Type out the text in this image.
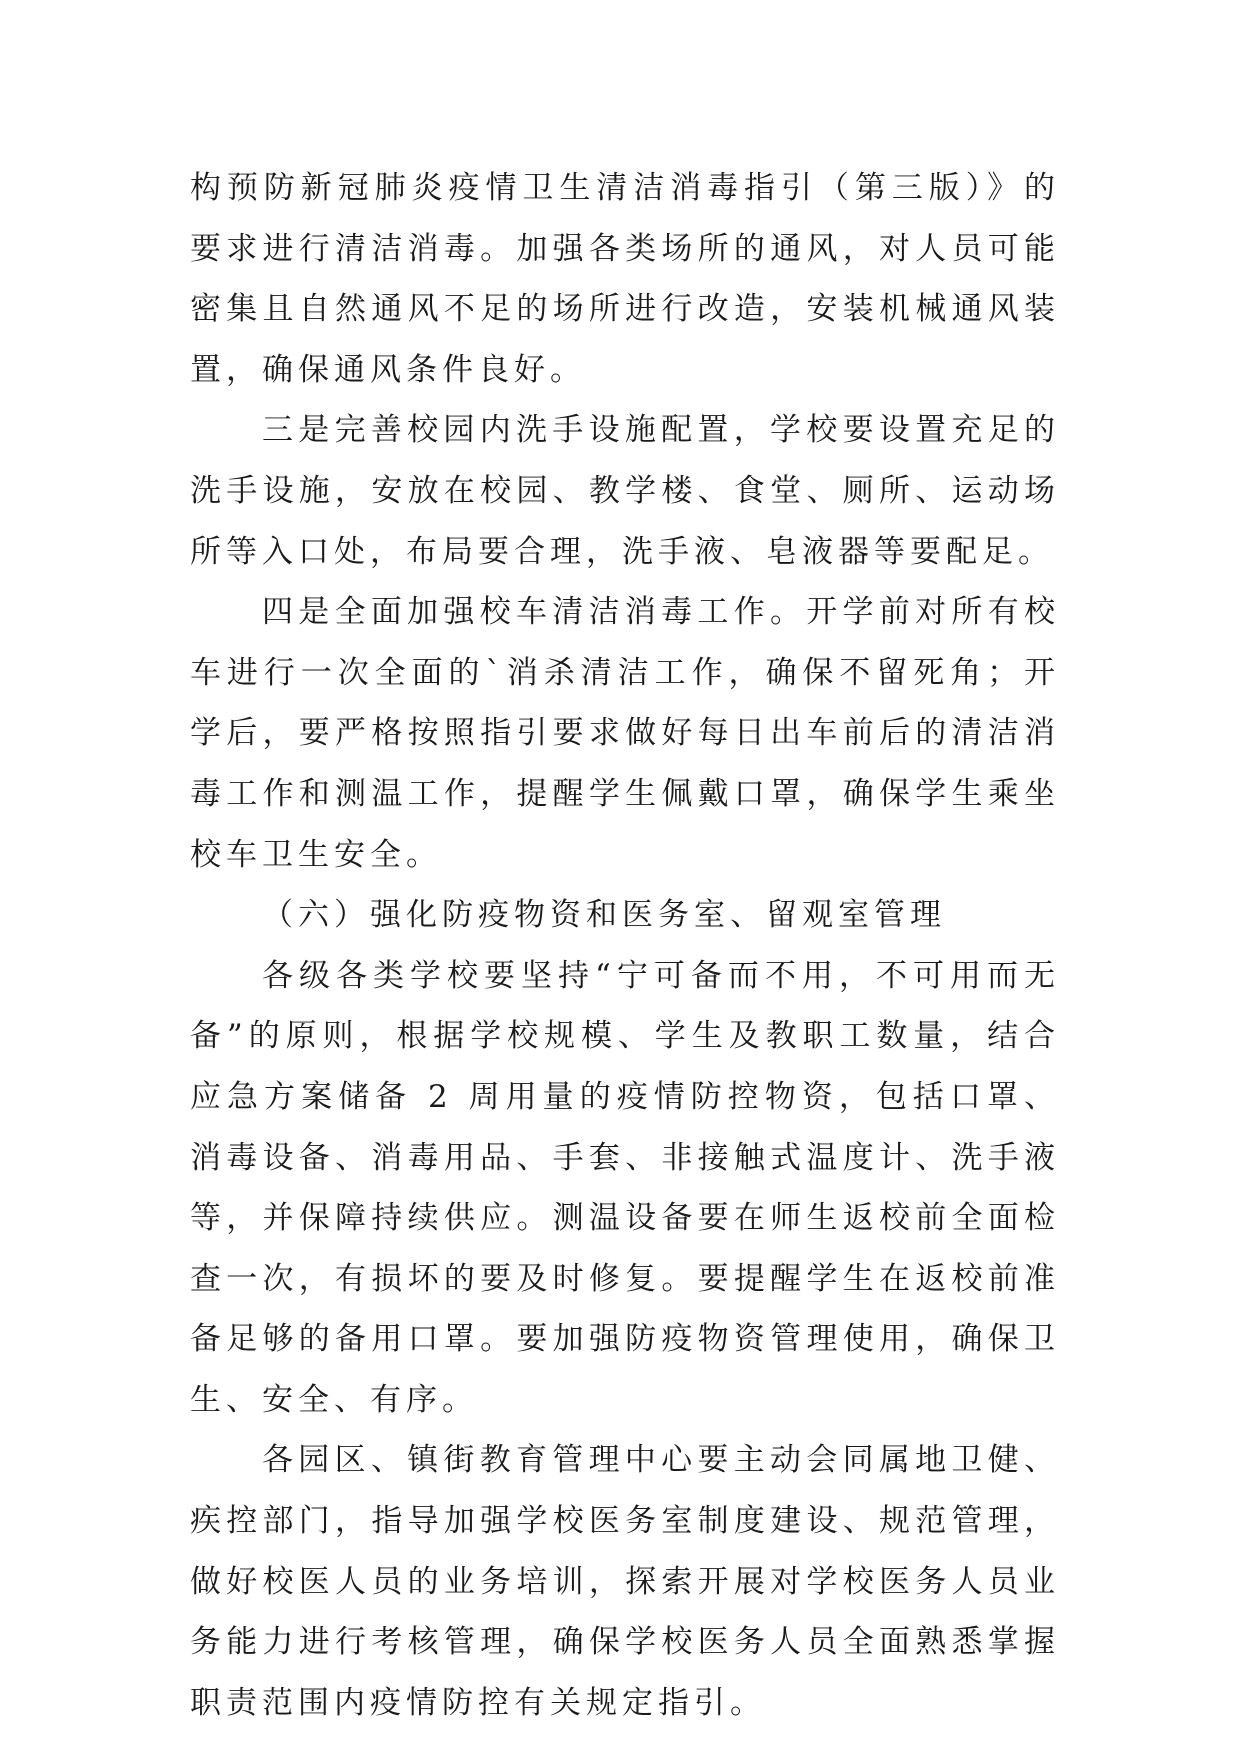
构预防新冠肺炎疫情卫生清洁消毒指引（第三版）》的要求进行清洁消毒。加强各类场所的通风，对人员可能密集且自然通风不足的场所进行改造，安装机械通风装置，确保通风条件良好。

三是完善校园内洗手设施配置，学校要设置充足的洗手设施，安放在校园、教学楼、食堂、厕所、运动场所等入口处，布局要合理，洗手液、皂液器等要配足。

四是全面加强校车清洁消毒工作。开学前对所有校车进行一次全面的`消杀清洁工作，确保不留死角；开学后，要严格按照指引要求做好每日出车前后的清洁消毒工作和测温工作，提醒学生佩戴口罩，确保学生乘坐校车卫生安全。

（六）强化防疫物资和医务室、留观室管理

各级各类学校要坚持“宁可备而不用，不可用而无备”的原则，根据学校规模、学生及教职工数量，结合应急方案储备 2 周用量的疫情防控物资，包括口罩、消毒设备、消毒用品、手套、非接触式温度计、洗手液等，并保障持续供应。测温设备要在师生返校前全面检查一次，有损坏的要及时修复。要提醒学生在返校前准备足够的备用口罩。要加强防疫物资管理使用，确保卫生、安全、有序。

各园区、镇街教育管理中心要主动会同属地卫健、疾控部门，指导加强学校医务室制度建设、规范管理，做好校医人员的业务培训，探索开展对学校医务人员业务能力进行考核管理，确保学校医务人员全面熟悉掌握职责范围内疫情防控有关规定指引。
